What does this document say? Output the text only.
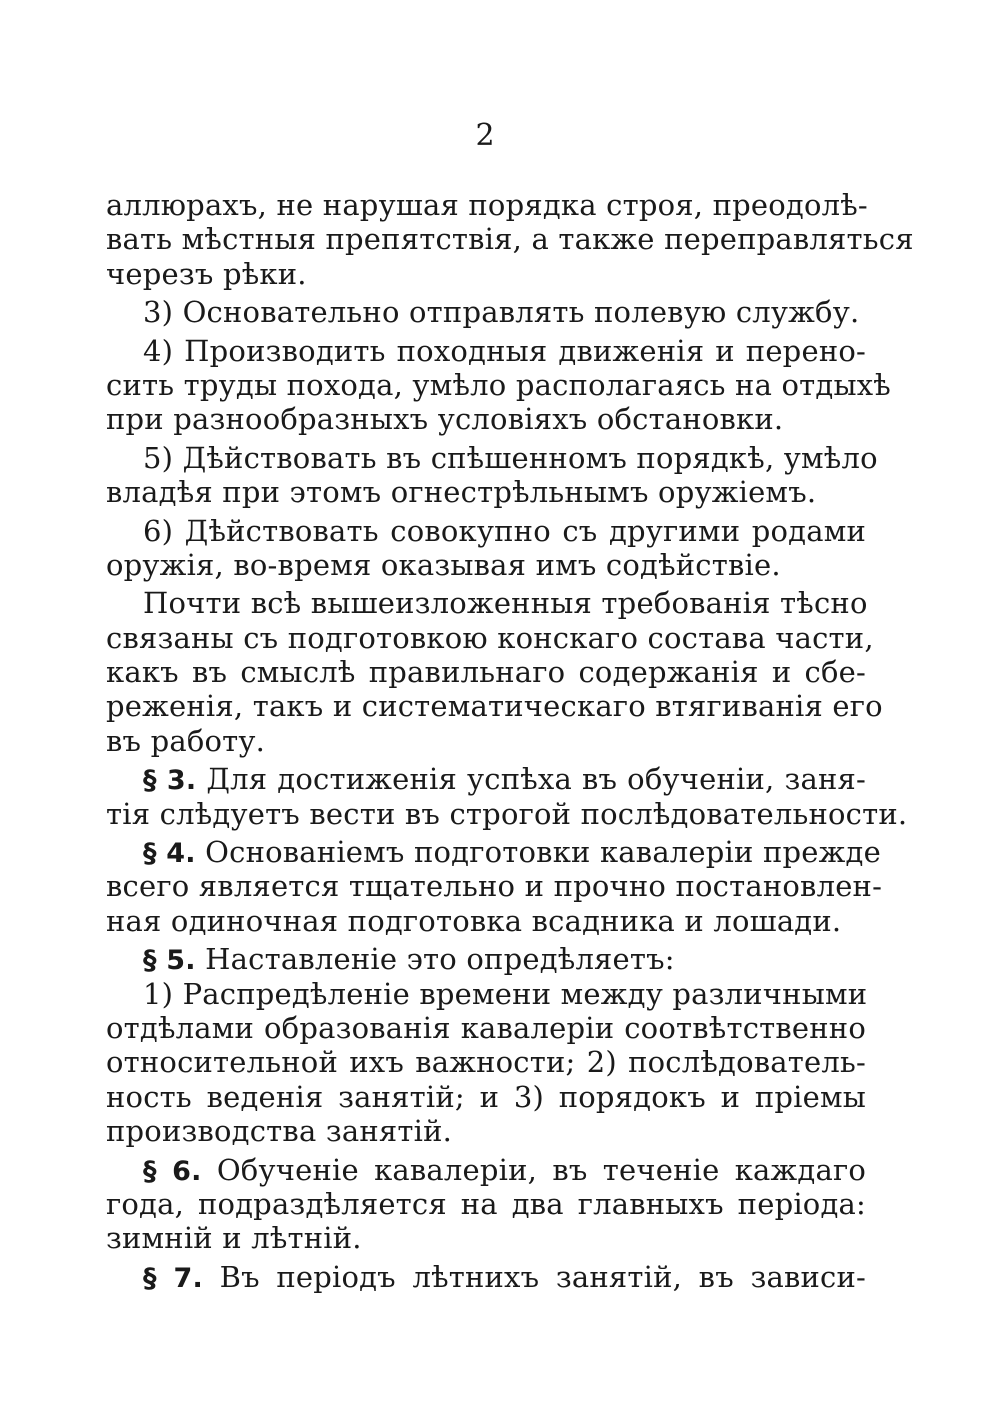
2
аллюрахъ, не нарушая порядка строя, преодолѣ-
вать мѣстныя препятствія, а также переправляться
черезъ рѣки.
3) Основательно отправлять полевую службу.
4) Производить походныя движенія и перено-
сить труды похода, умѣло располагаясь на отдыхѣ
при разнообразныхъ условіяхъ обстановки.
5) Дѣйствовать въ спѣшенномъ порядкѣ, умѣло
владѣя при этомъ огнестрѣльнымъ оружіемъ.
6) Дѣйствовать совокупно съ другими родами
оружія, во-время оказывая имъ содѣйствіе.
Почти всѣ вышеизложенныя требованія тѣсно
связаны съ подготовкою конскаго состава части,
какъ въ смыслѣ правильнаго содержанія и сбе-
реженія, такъ и систематическаго втягиванія его
въ работу.
§ 3. Для достиженія успѣха въ обученіи, заня-
тія слѣдуетъ вести въ строгой послѣдовательности.
§ 4. Основаніемъ подготовки кавалеріи прежде
всего является тщательно и прочно постановлен-
ная одиночная подготовка всадника и лошади.
§ 5. Наставленіе это опредѣляетъ:
1) Распредѣленіе времени между различными
отдѣлами образованія кавалеріи соотвѣтственно
относительной ихъ важности; 2) послѣдователь-
ность веденія занятій; и 3) порядокъ и пріемы
производства занятій.
§ 6. Обученіе кавалеріи, въ теченіе каждаго
года, подраздѣляется на два главныхъ періода:
зимній и лѣтній.
§ 7. Въ періодъ лѣтнихъ занятій, въ зависи-
